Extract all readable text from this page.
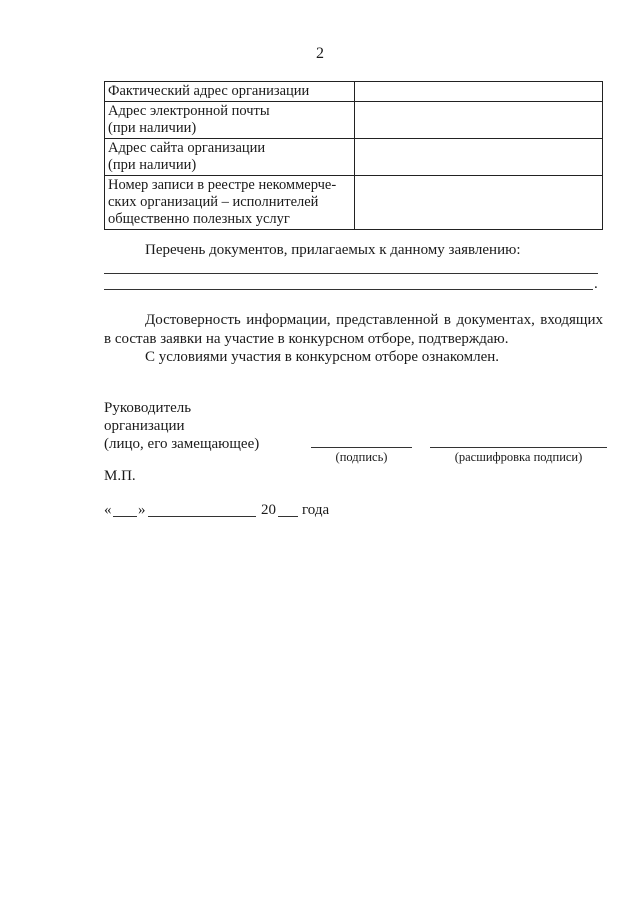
2
Фактический адрес организации	

Адрес электронной почты
(при наличии)	

Адрес сайта организации
(при наличии)	

Номер записи в реестре некоммерче-
ских организаций – исполнителей
общественно полезных услуг	

Перечень документов, прилагаемых к данному заявлению:
.
Достоверность информации, представленной в документах, входящих
в состав заявки на участие в конкурсном отборе, подтверждаю.
С условиями участия в конкурсном отборе ознакомлен.
Руководитель
организации
(лицо, его замещающее)
(подпись)	(расшифровка подписи)
М.П.
« »	20 года
